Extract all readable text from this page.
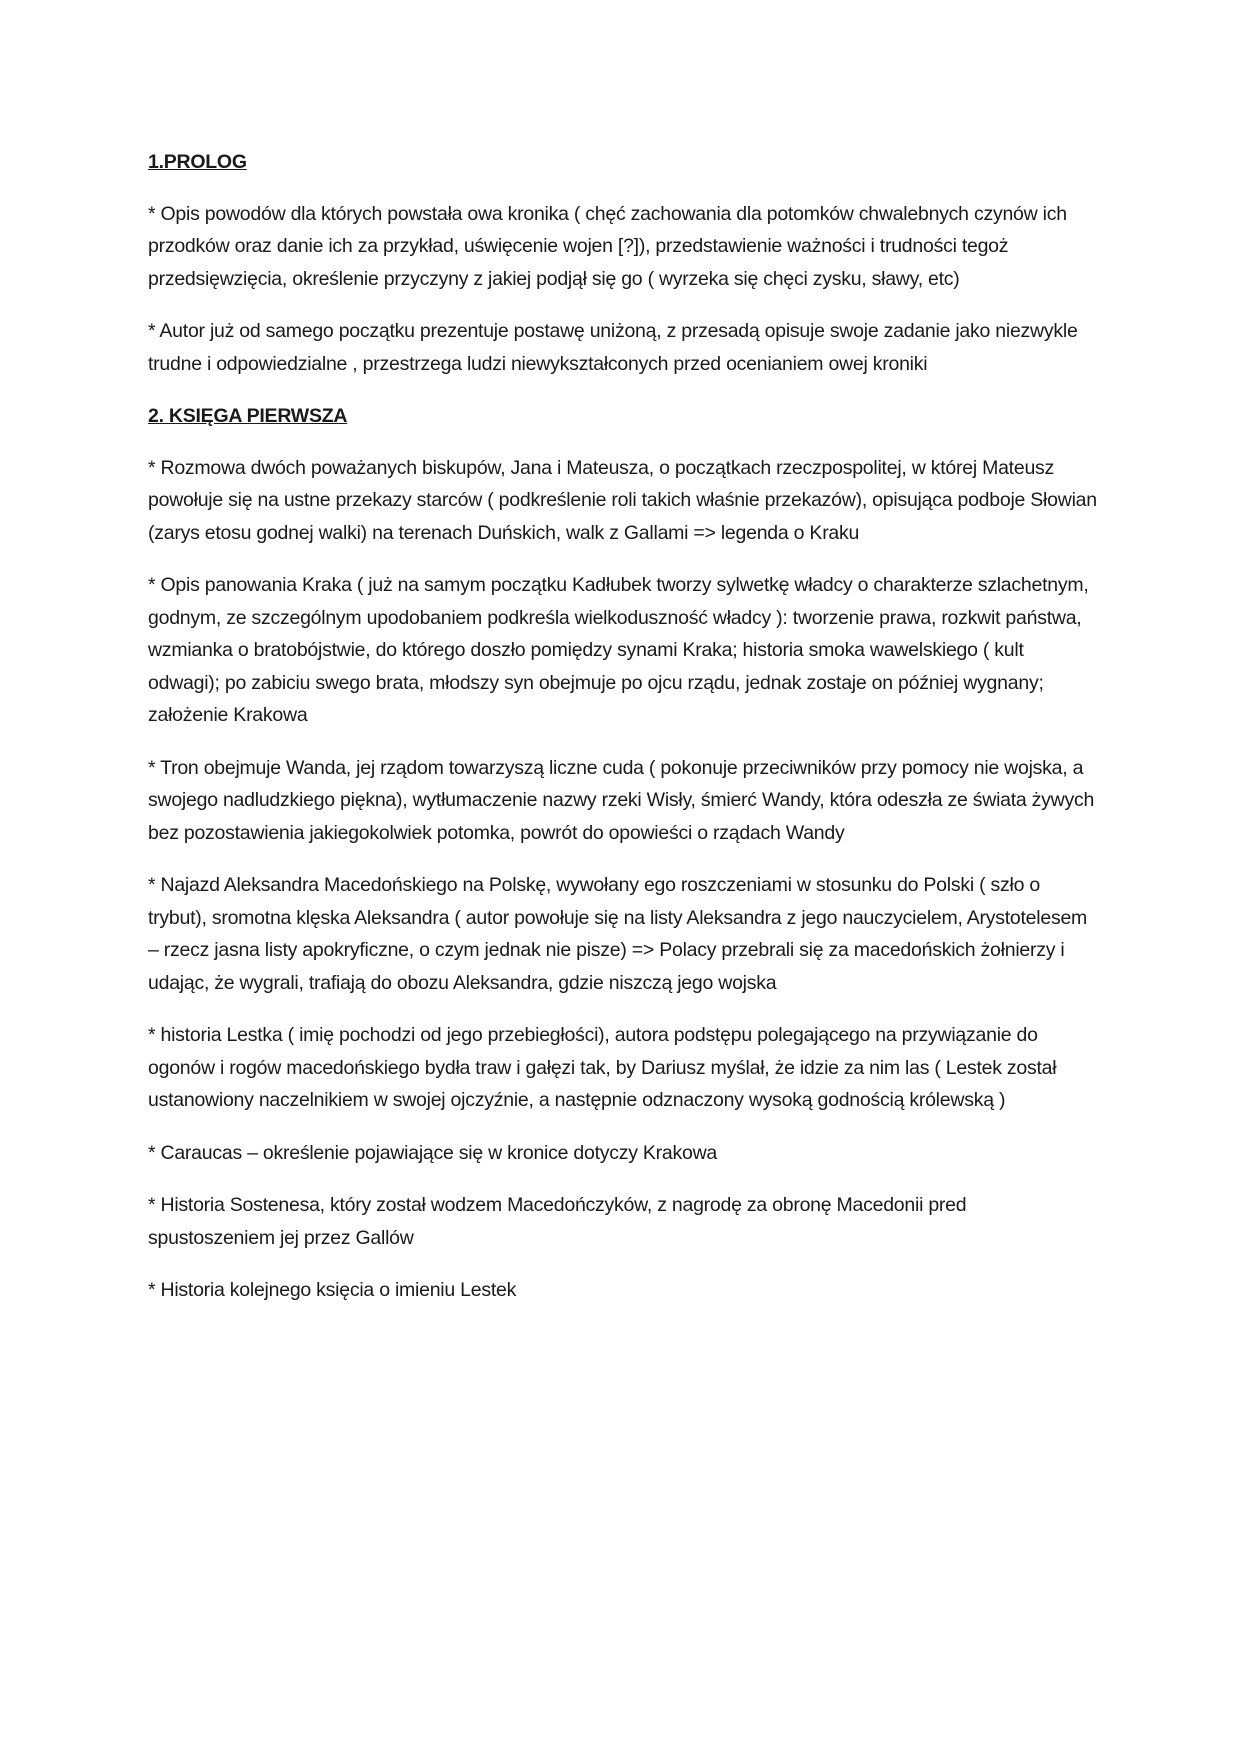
1.PROLOG

* Opis powodów dla których powstała owa kronika ( chęć zachowania dla potomków chwalebnych czynów ich przodków oraz danie ich za przykład, uświęcenie wojen [?]), przedstawienie ważności i trudności tegoż przedsięwzięcia, określenie przyczyny z jakiej podjął się go ( wyrzeka się chęci zysku, sławy, etc)

* Autor już od samego początku prezentuje postawę uniżoną, z przesadą opisuje swoje zadanie jako niezwykle trudne i odpowiedzialne , przestrzega ludzi niewykształconych przed ocenianiem owej kroniki

2. KSIĘGA PIERWSZA

* Rozmowa dwóch poważanych biskupów, Jana i Mateusza, o początkach rzeczpospolitej, w której Mateusz powołuje się na ustne przekazy starców ( podkreślenie roli takich właśnie przekazów), opisująca podboje Słowian (zarys etosu godnej walki) na terenach Duńskich, walk z Gallami => legenda o Kraku

* Opis panowania Kraka ( już na samym początku Kadłubek tworzy sylwetkę władcy o charakterze szlachetnym, godnym, ze szczególnym upodobaniem podkreśla wielkoduszność władcy ): tworzenie prawa, rozkwit państwa, wzmianka o bratobójstwie, do którego doszło pomiędzy synami Kraka; historia smoka wawelskiego ( kult odwagi); po zabiciu swego brata, młodszy syn obejmuje po ojcu rządu, jednak zostaje on później wygnany; założenie Krakowa

* Tron obejmuje Wanda, jej rządom towarzyszą liczne cuda ( pokonuje przeciwników przy pomocy nie wojska, a swojego nadludzkiego piękna), wytłumaczenie nazwy rzeki Wisły, śmierć Wandy, która odeszła ze świata żywych bez pozostawienia jakiegokolwiek potomka, powrót do opowieści o rządach Wandy

* Najazd Aleksandra Macedońskiego na Polskę, wywołany ego roszczeniami w stosunku do Polski ( szło o trybut), sromotna klęska Aleksandra ( autor powołuje się na listy Aleksandra z jego nauczycielem, Arystotelesem – rzecz jasna listy apokryficzne, o czym jednak nie pisze) => Polacy przebrali się za macedońskich żołnierzy i udając, że wygrali, trafiają do obozu Aleksandra, gdzie niszczą jego wojska

* historia Lestka ( imię pochodzi od jego przebiegłości), autora podstępu polegającego na przywiązanie do ogonów i rogów macedońskiego bydła traw i gałęzi tak, by Dariusz myślał, że idzie za nim las ( Lestek został ustanowiony naczelnikiem w swojej ojczyźnie, a następnie odznaczony wysoką godnością królewską )

* Caraucas – określenie pojawiające się w kronice dotyczy Krakowa

* Historia Sostenesa, który został wodzem Macedończyków, z nagrodę za obronę Macedonii pred spustoszeniem jej przez Gallów

* Historia kolejnego księcia o imieniu Lestek
